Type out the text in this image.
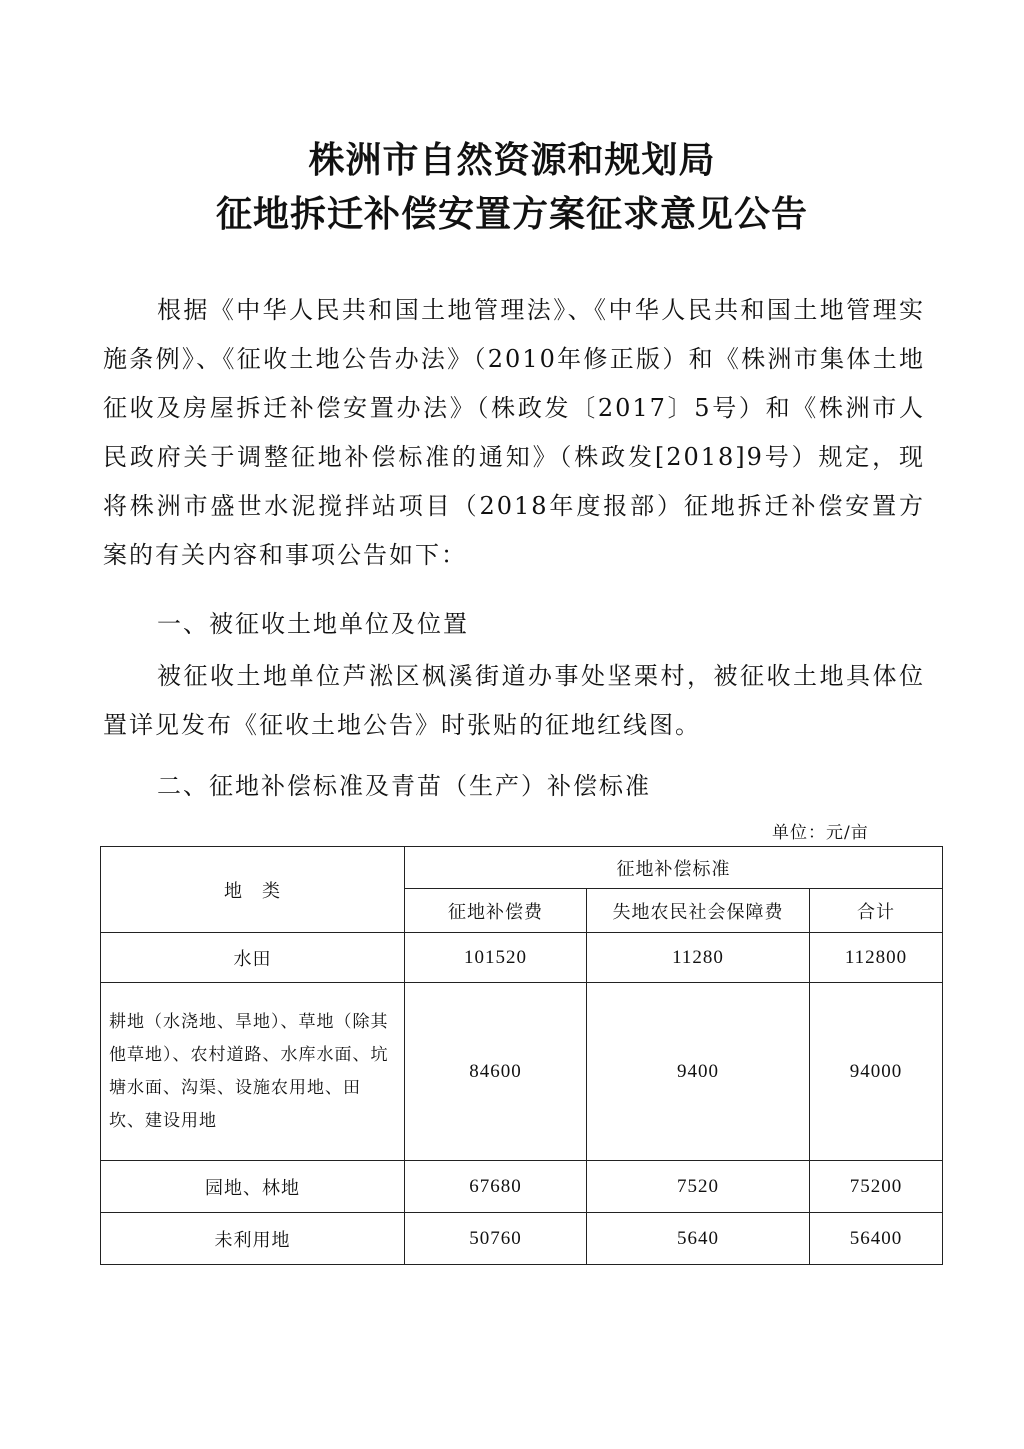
株洲市自然资源和规划局
征地拆迁补偿安置方案征求意见公告

根据《中华人民共和国土地管理法》、《中华人民共和国土地管理实施条例》、《征收土地公告办法》（2010年修正版）和《株洲市集体土地征收及房屋拆迁补偿安置办法》（株政发〔2017〕5号）和《株洲市人民政府关于调整征地补偿标准的通知》（株政发[2018]9号）规定，现将株洲市盛世水泥搅拌站项目（2018年度报部）征地拆迁补偿安置方案的有关内容和事项公告如下：

一、被征收土地单位及位置

被征收土地单位芦淞区枫溪街道办事处坚栗村，被征收土地具体位置详见发布《征收土地公告》时张贴的征地红线图。

二、征地补偿标准及青苗（生产）补偿标准

单位：元/亩
地　类	征地补偿标准		
	征地补偿费	失地农民社会保障费	合计
水田	101520	11280	112800
耕地（水浇地、旱地）、草地（除其他草地）、农村道路、水库水面、坑塘水面、沟渠、设施农用地、田坎、建设用地	84600	9400	94000
园地、林地	67680	7520	75200
未利用地	50760	5640	56400
